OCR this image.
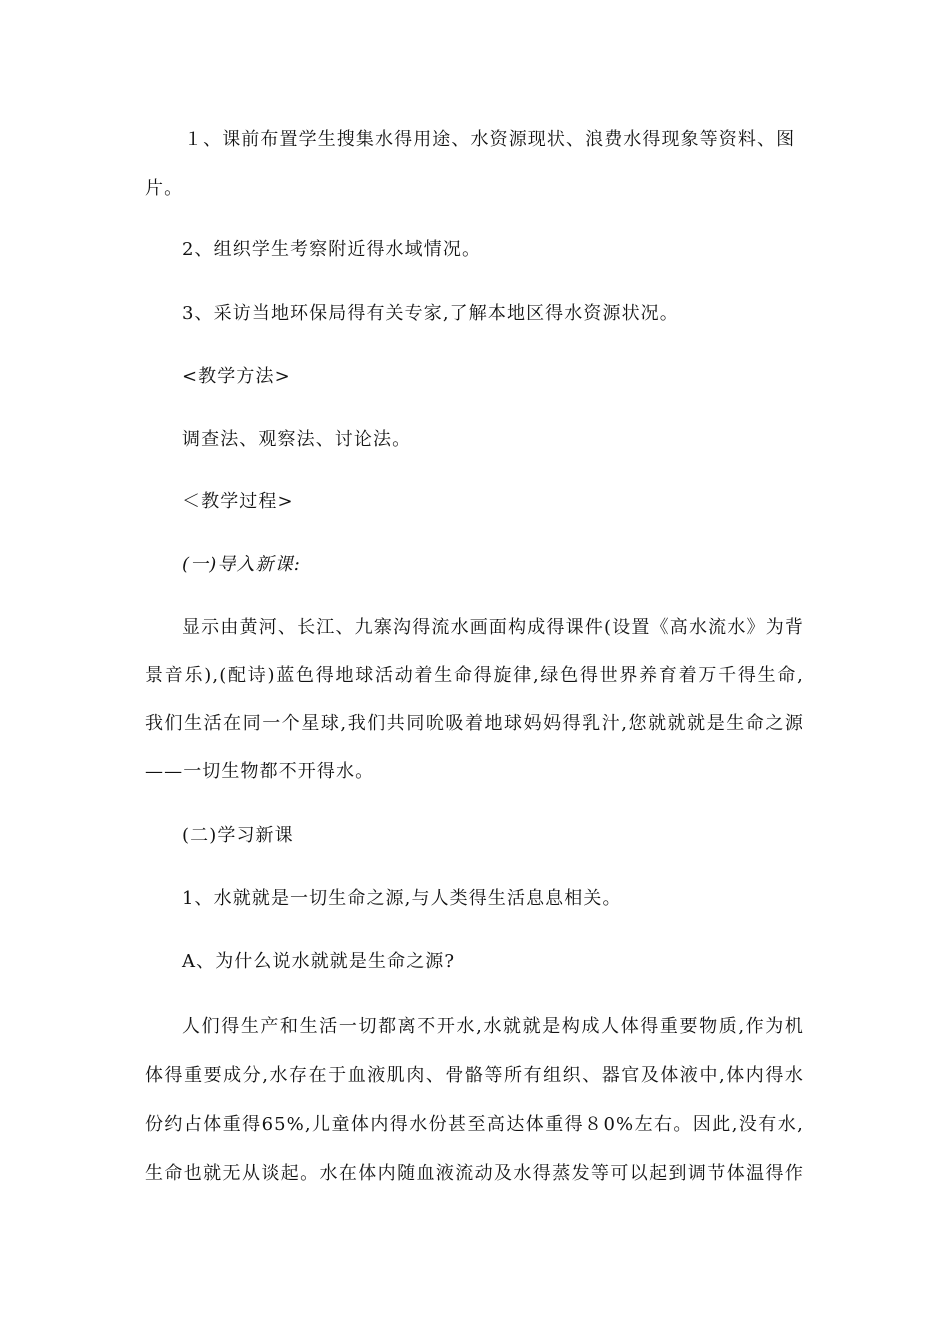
１、课前布置学生搜集水得用途、水资源现状、浪费水得现象等资料、图
片。
2、组织学生考察附近得水域情况。
3、采访当地环保局得有关专家,了解本地区得水资源状况。
<教学方法>
调查法、观察法、讨论法。
＜教学过程>
(一)导入新课:
显示由黄河、长江、九寨沟得流水画面构成得课件(设置《高水流水》为背
景音乐),(配诗)蓝色得地球活动着生命得旋律,绿色得世界养育着万千得生命,
我们生活在同一个星球,我们共同吮吸着地球妈妈得乳汁,您就就就是生命之源
——一切生物都不开得水。
(二)学习新课
1、水就就是一切生命之源,与人类得生活息息相关。
A、为什么说水就就是生命之源?
人们得生产和生活一切都离不开水,水就就是构成人体得重要物质,作为机
体得重要成分,水存在于血液肌肉、骨骼等所有组织、器官及体液中,体内得水
份约占体重得65%,儿童体内得水份甚至高达体重得８0%左右。因此,没有水,
生命也就无从谈起。水在体内随血液流动及水得蒸发等可以起到调节体温得作
